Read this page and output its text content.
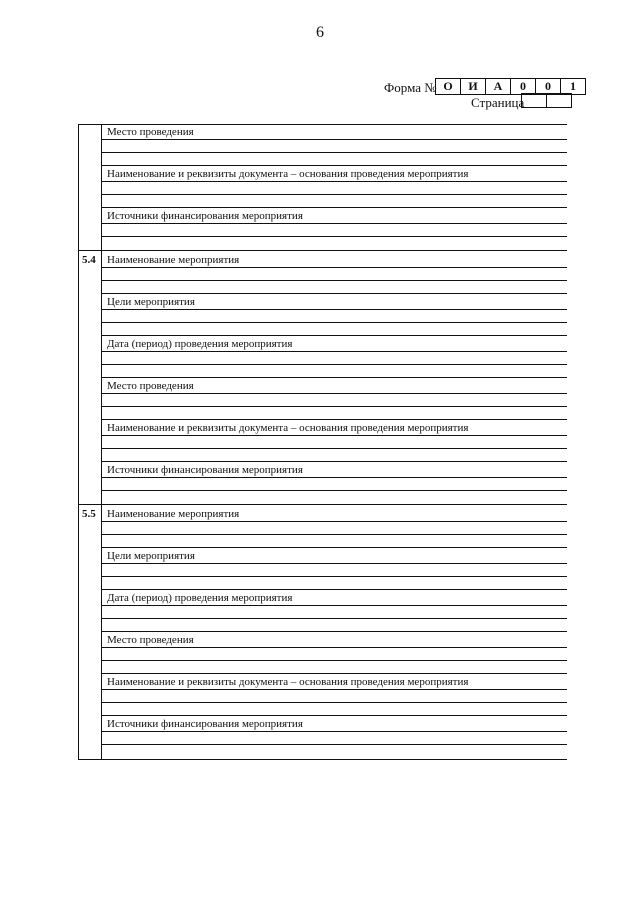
6
Форма № О	И	А	0	0	1
Страница
Место проведения
Наименование и реквизиты документа – основания проведения мероприятия
Источники финансирования мероприятия
5.4 Наименование мероприятия
Цели мероприятия
Дата (период) проведения мероприятия
Место проведения
Наименование и реквизиты документа – основания проведения мероприятия
Источники финансирования мероприятия
5.5 Наименование мероприятия
Цели мероприятия
Дата (период) проведения мероприятия
Место проведения
Наименование и реквизиты документа – основания проведения мероприятия
Источники финансирования мероприятия
